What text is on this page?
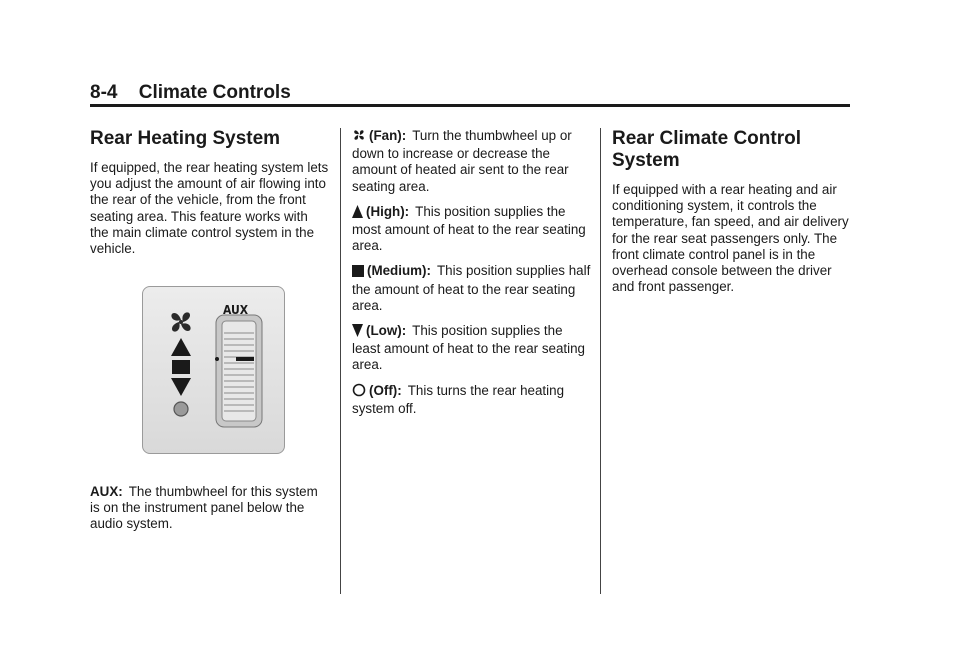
8-4 Climate Controls
Rear Heating System

If equipped, the rear heating system lets you adjust the amount of air flowing into the rear of the vehicle, from the front seating area. This feature works with the main climate control system in the vehicle.

AUX

AUX: The thumbwheel for this system is on the instrument panel below the audio system.

(Fan): Turn the thumbwheel up or down to increase or decrease the amount of heated air sent to the rear seating area.

(High): This position supplies the most amount of heat to the rear seating area.

(Medium): This position supplies half the amount of heat to the rear seating area.

(Low): This position supplies the least amount of heat to the rear seating area.

(Off): This turns the rear heating system off.

Rear Climate Control System

If equipped with a rear heating and air conditioning system, it controls the temperature, fan speed, and air delivery for the rear seat passengers only. The front climate control panel is in the overhead console between the driver and front passenger.
